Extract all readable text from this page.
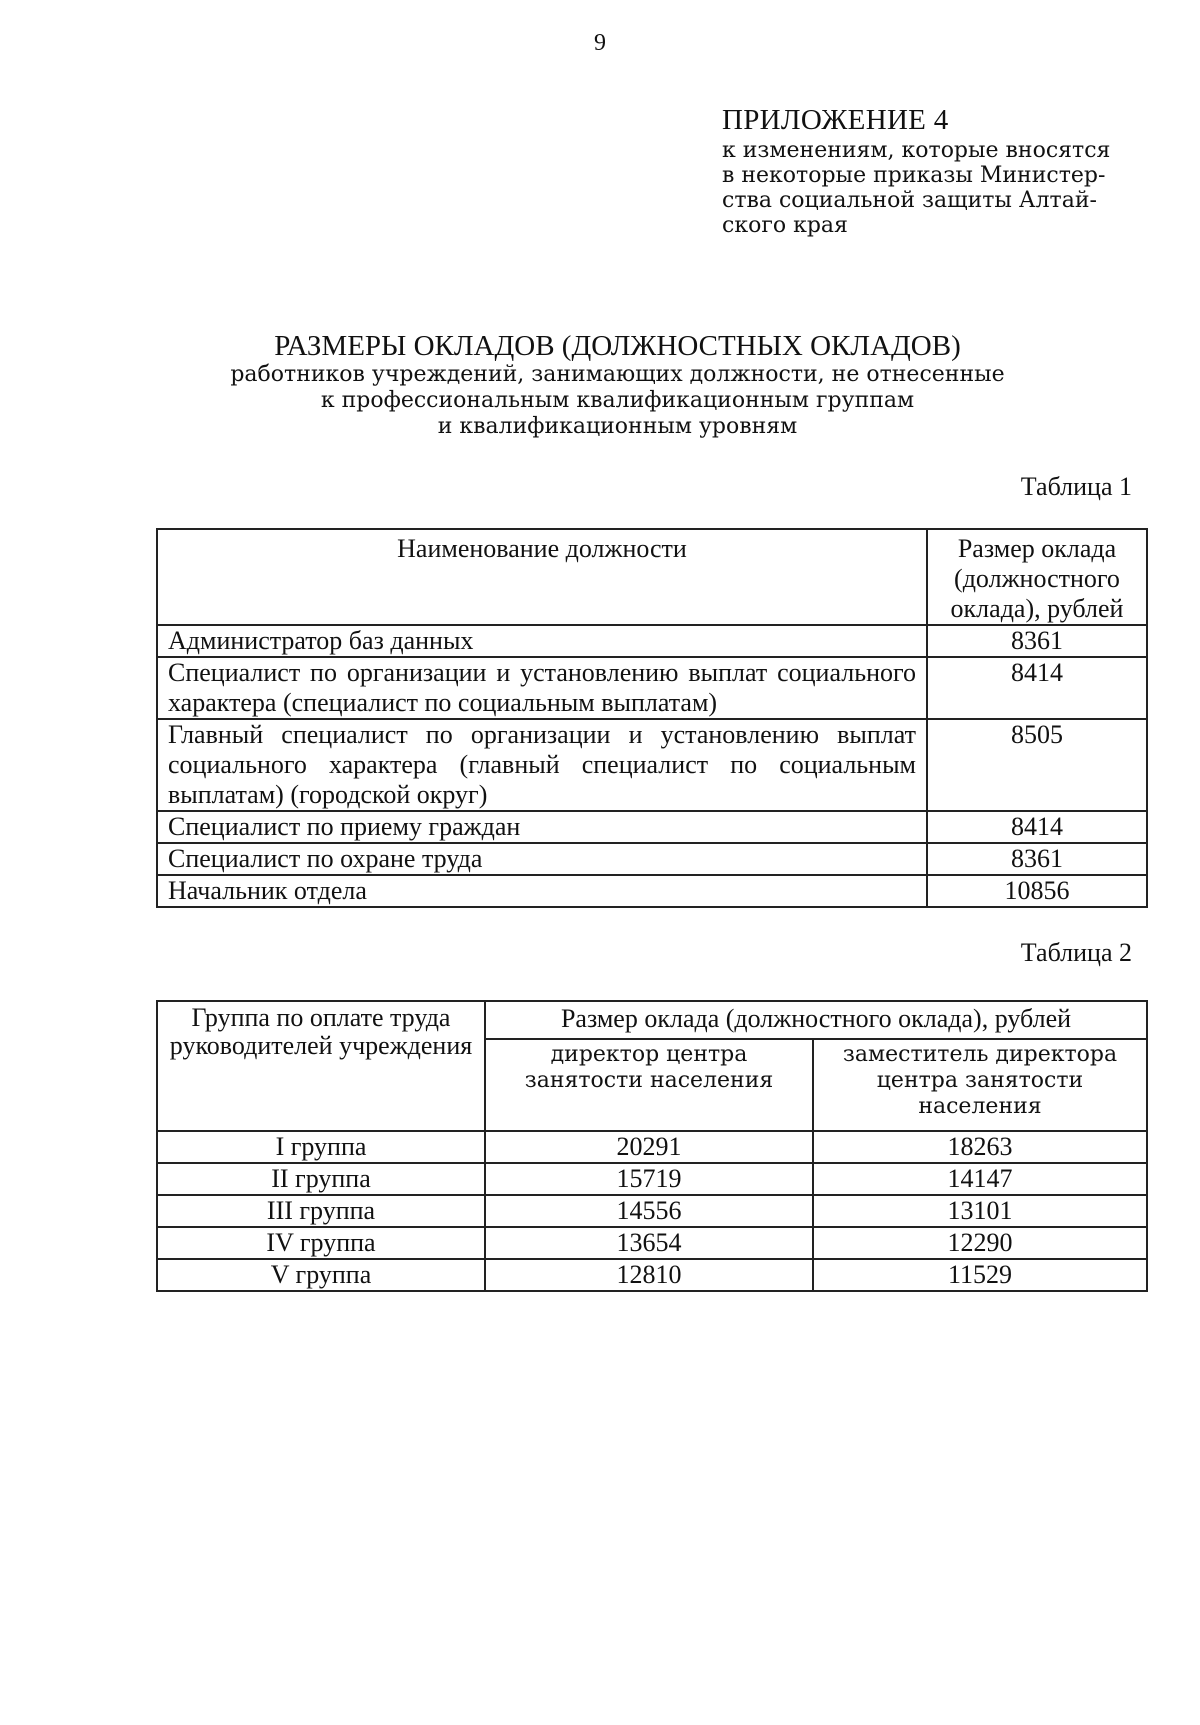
9
ПРИЛОЖЕНИЕ 4
к изменениям, которые вносятся
в некоторые приказы Министер-
ства социальной защиты Алтай-
ского края
РАЗМЕРЫ ОКЛАДОВ (ДОЛЖНОСТНЫХ ОКЛАДОВ)
работников учреждений, занимающих должности, не отнесенные
к профессиональным квалификационным группам
и квалификационным уровням
Таблица 1
Наименование должности	Размер оклада (должностного оклада), рублей
Администратор баз данных	8361
Специалист по организации и установлению выплат социального характера (специалист по социальным выплатам)	8414
Главный специалист по организации и установлению выплат социального характера (главный специалист по социальным выплатам) (городской округ)	8505
Специалист по приему граждан	8414
Специалист по охране труда	8361
Начальник отдела	10856
Таблица 2
Группа по оплате труда руководителей учреждения	Размер оклада (должностного оклада), рублей	
	директор центра занятости населения	заместитель директора центра занятости населения
I группа	20291	18263
II группа	15719	14147
III группа	14556	13101
IV группа	13654	12290
V группа	12810	11529
